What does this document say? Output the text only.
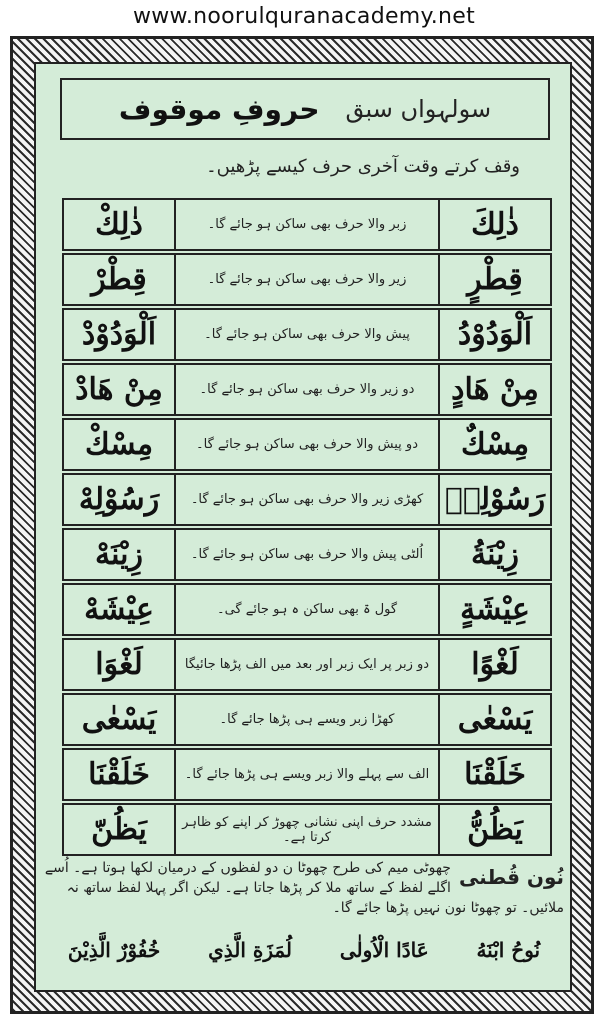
www.noorulquranacademy.net
سولہواں سبق
حروفِ موقوف
وقف کرتے وقت آخری حرف کیسے پڑھیں۔
ذٰلِكْ	زبر والا حرف بھی ساکن ہو جائے گا۔	ذٰلِكَ
قِطْرْ	زیر والا حرف بھی ساکن ہو جائے گا۔	قِطْرٍ
اَلْوَدُوْدْ	پیش والا حرف بھی ساکن ہو جائے گا۔	اَلْوَدُوْدُ
مِنْ هَادْ	دو زیر والا حرف بھی ساکن ہو جائے گا۔	مِنْ هَادٍ
مِسْكْ	دو پیش والا حرف بھی ساکن ہو جائے گا۔	مِسْكٌ
رَسُوْلِهْ	کھڑی زیر والا حرف بھی ساکن ہو جائے گا۔ رَسُوْلِهٖ
زِيْنَهْ	اُلٹی پیش والا حرف بھی ساکن ہو جائے گا۔	زِيْنَةُ
عِيْشَهْ	گول ۃ بھی ساکن ہ ہو جائے گی۔	عِيْشَةٍ
لَغْوَا	دو زبر پر ایک زبر اور بعد میں الف پڑھا جائیگا	لَغْوًا
يَسْعٰى	کھڑا زبر ویسے ہی پڑھا جائے گا۔	يَسْعٰى
خَلَقْنَا	الف سے پہلے والا زبر ویسے ہی پڑھا جائے گا۔	خَلَقْنَا
يَظُنّ	مشدد حرف اپنی نشانی چھوڑ کر اپنے کو ظاہر کرتا ہے۔	يَظُنُّ
نُون قُطنی
چھوٹی میم کی طرح چھوٹا ن دو لفظوں کے درمیان لکھا ہوتا ہے۔ اُسے اگلے لفظ کے ساتھ ملا کر پڑھا جاتا ہے۔ لیکن اگر پہلا لفظ ساتھ نہ ملائیں۔ تو چھوٹا نون نہیں پڑھا جائے گا۔
نُوحُ ابْنَهُ
عَادًا الْاُولٰى
لُمَزَةِ الَّذِي
خُفُوْرٌ الَّذِيْنَ
